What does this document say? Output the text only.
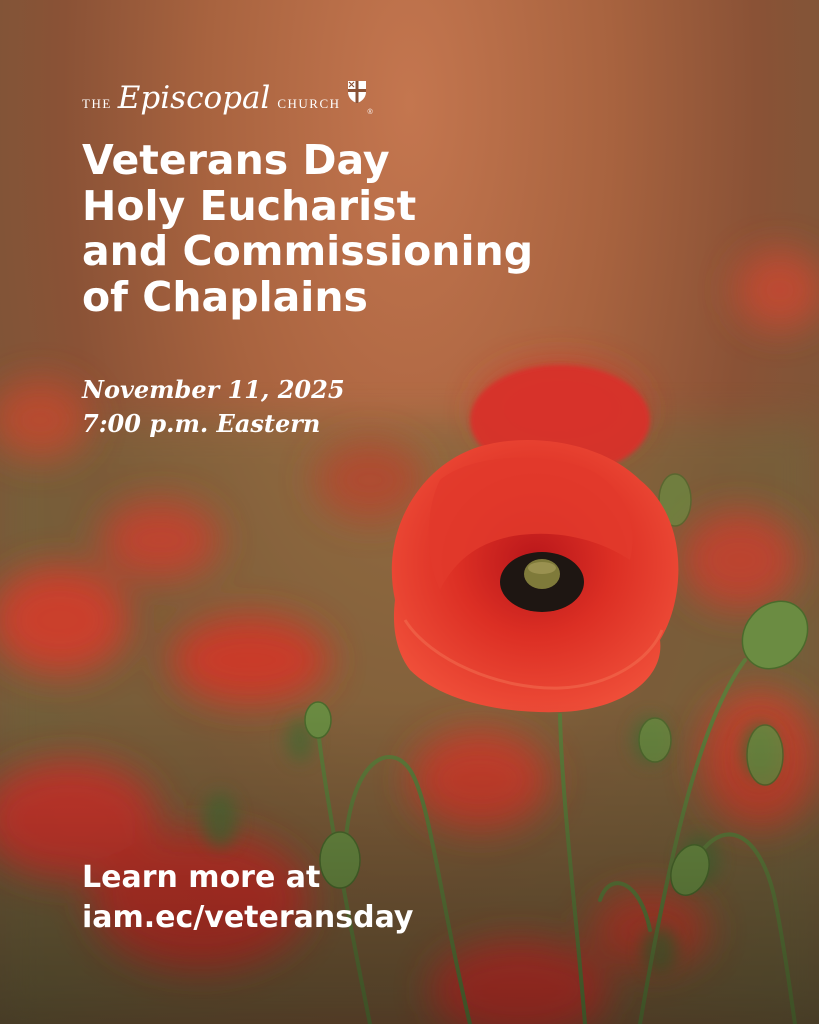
THE Episcopal CHURCH
®
Veterans Day
Holy Eucharist
and Commissioning
of Chaplains
November 11, 2025
7:00 p.m. Eastern
Learn more at
iam.ec/veteransday
